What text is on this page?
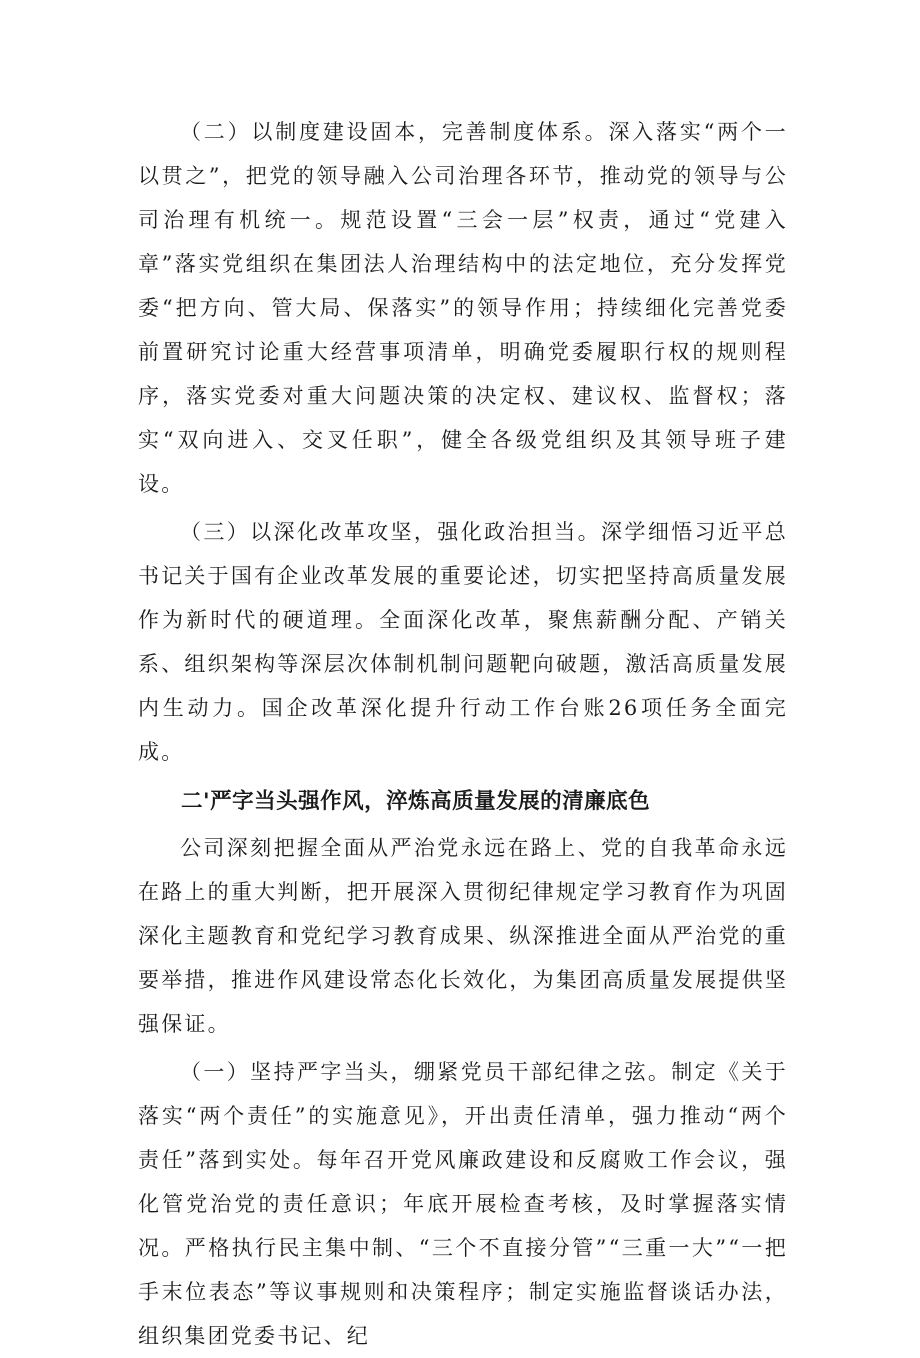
（二）以制度建设固本，完善制度体系。深入落实“两个一以贯之”，把党的领导融入公司治理各环节，推动党的领导与公司治理有机统一。规范设置“三会一层”权责，通过“党建入章”落实党组织在集团法人治理结构中的法定地位，充分发挥党委“把方向、管大局、保落实”的领导作用；持续细化完善党委前置研究讨论重大经营事项清单，明确党委履职行权的规则程序，落实党委对重大问题决策的决定权、建议权、监督权；落实“双向进入、交叉任职”，健全各级党组织及其领导班子建设。

（三）以深化改革攻坚，强化政治担当。深学细悟习近平总书记关于国有企业改革发展的重要论述，切实把坚持高质量发展作为新时代的硬道理。全面深化改革，聚焦薪酬分配、产销关系、组织架构等深层次体制机制问题靶向破题，激活高质量发展内生动力。国企改革深化提升行动工作台账26项任务全面完成。

二'严字当头强作风，淬炼高质量发展的清廉底色

公司深刻把握全面从严治党永远在路上、党的自我革命永远在路上的重大判断，把开展深入贯彻纪律规定学习教育作为巩固深化主题教育和党纪学习教育成果、纵深推进全面从严治党的重要举措，推进作风建设常态化长效化，为集团高质量发展提供坚强保证。

（一）坚持严字当头，绷紧党员干部纪律之弦。制定《关于落实“两个责任”的实施意见》，开出责任清单，强力推动“两个责任”落到实处。每年召开党风廉政建设和反腐败工作会议，强化管党治党的责任意识；年底开展检查考核，及时掌握落实情况。严格执行民主集中制、“三个不直接分管”“三重一大”“一把手末位表态”等议事规则和决策程序；制定实施监督谈话办法，组织集团党委书记、纪
